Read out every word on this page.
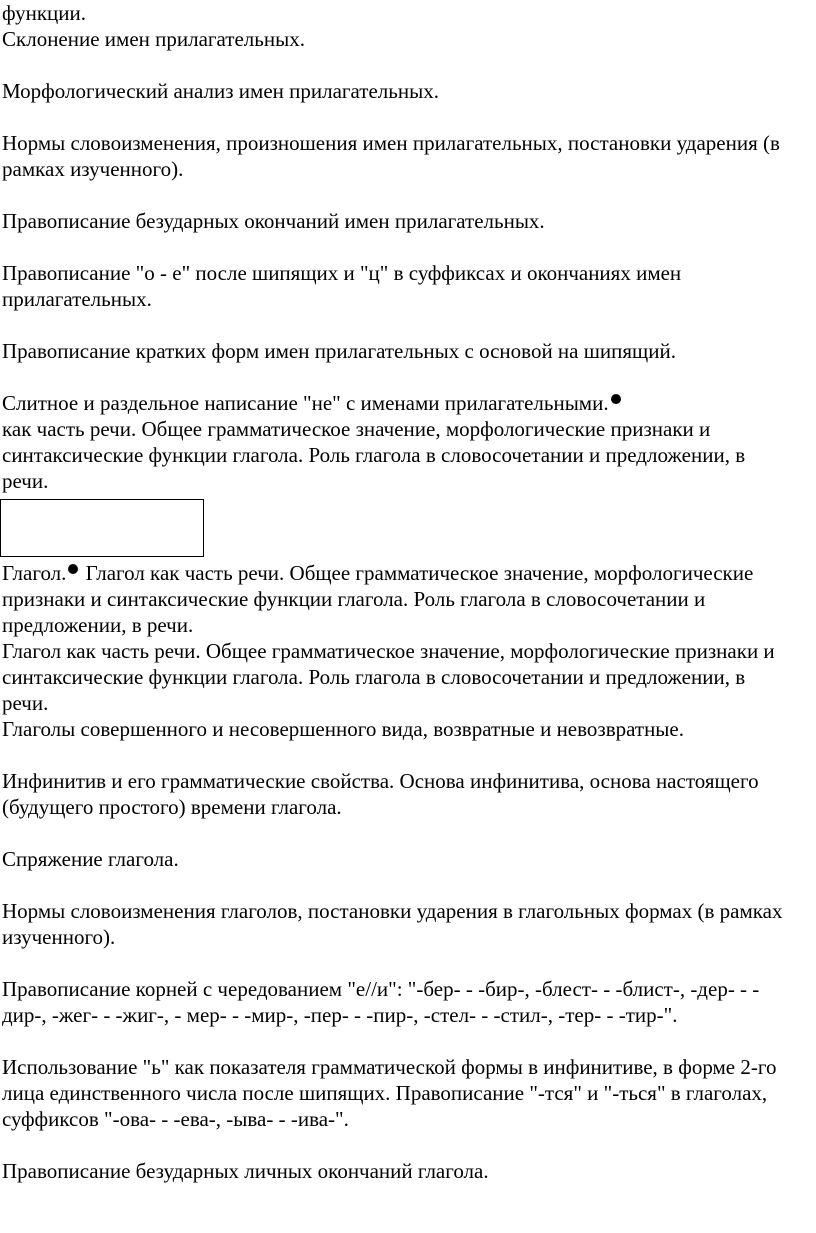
функции.
Склонение имен прилагательных.
Морфологический анализ имен прилагательных.
Нормы словоизменения, произношения имен прилагательных, постановки ударения (в
рамках изученного).
Правописание безударных окончаний имен прилагательных.
Правописание "о - е" после шипящих и "ц" в суффиксах и окончаниях имен
прилагательных.
Правописание кратких форм имен прилагательных с основой на шипящий.
Слитное и раздельное написание "не" с именами прилагательными.
как часть речи. Общее грамматическое значение, морфологические признаки и
синтаксические функции глагола. Роль глагола в словосочетании и предложении, в
речи.
Глагол. Глагол как часть речи. Общее грамматическое значение, морфологические
признаки и синтаксические функции глагола. Роль глагола в словосочетании и
предложении, в речи.
Глагол как часть речи. Общее грамматическое значение, морфологические признаки и
синтаксические функции глагола. Роль глагола в словосочетании и предложении, в
речи.
Глаголы совершенного и несовершенного вида, возвратные и невозвратные.
Инфинитив и его грамматические свойства. Основа инфинитива, основа настоящего
(будущего простого) времени глагола.
Спряжение глагола.
Нормы словоизменения глаголов, постановки ударения в глагольных формах (в рамках
изученного).
Правописание корней с чередованием "е//и": "-бер- - -бир-, -блест- - -блист-, -дер- - -
дир-, -жег- - -жиг-, - мер- - -мир-, -пер- - -пир-, -стел- - -стил-, -тер- - -тир-".
Использование "ь" как показателя грамматической формы в инфинитиве, в форме 2-го
лица единственного числа после шипящих. Правописание "-тся" и "-ться" в глаголах,
суффиксов "-ова- - -ева-, -ыва- - -ива-".
Правописание безударных личных окончаний глагола.
